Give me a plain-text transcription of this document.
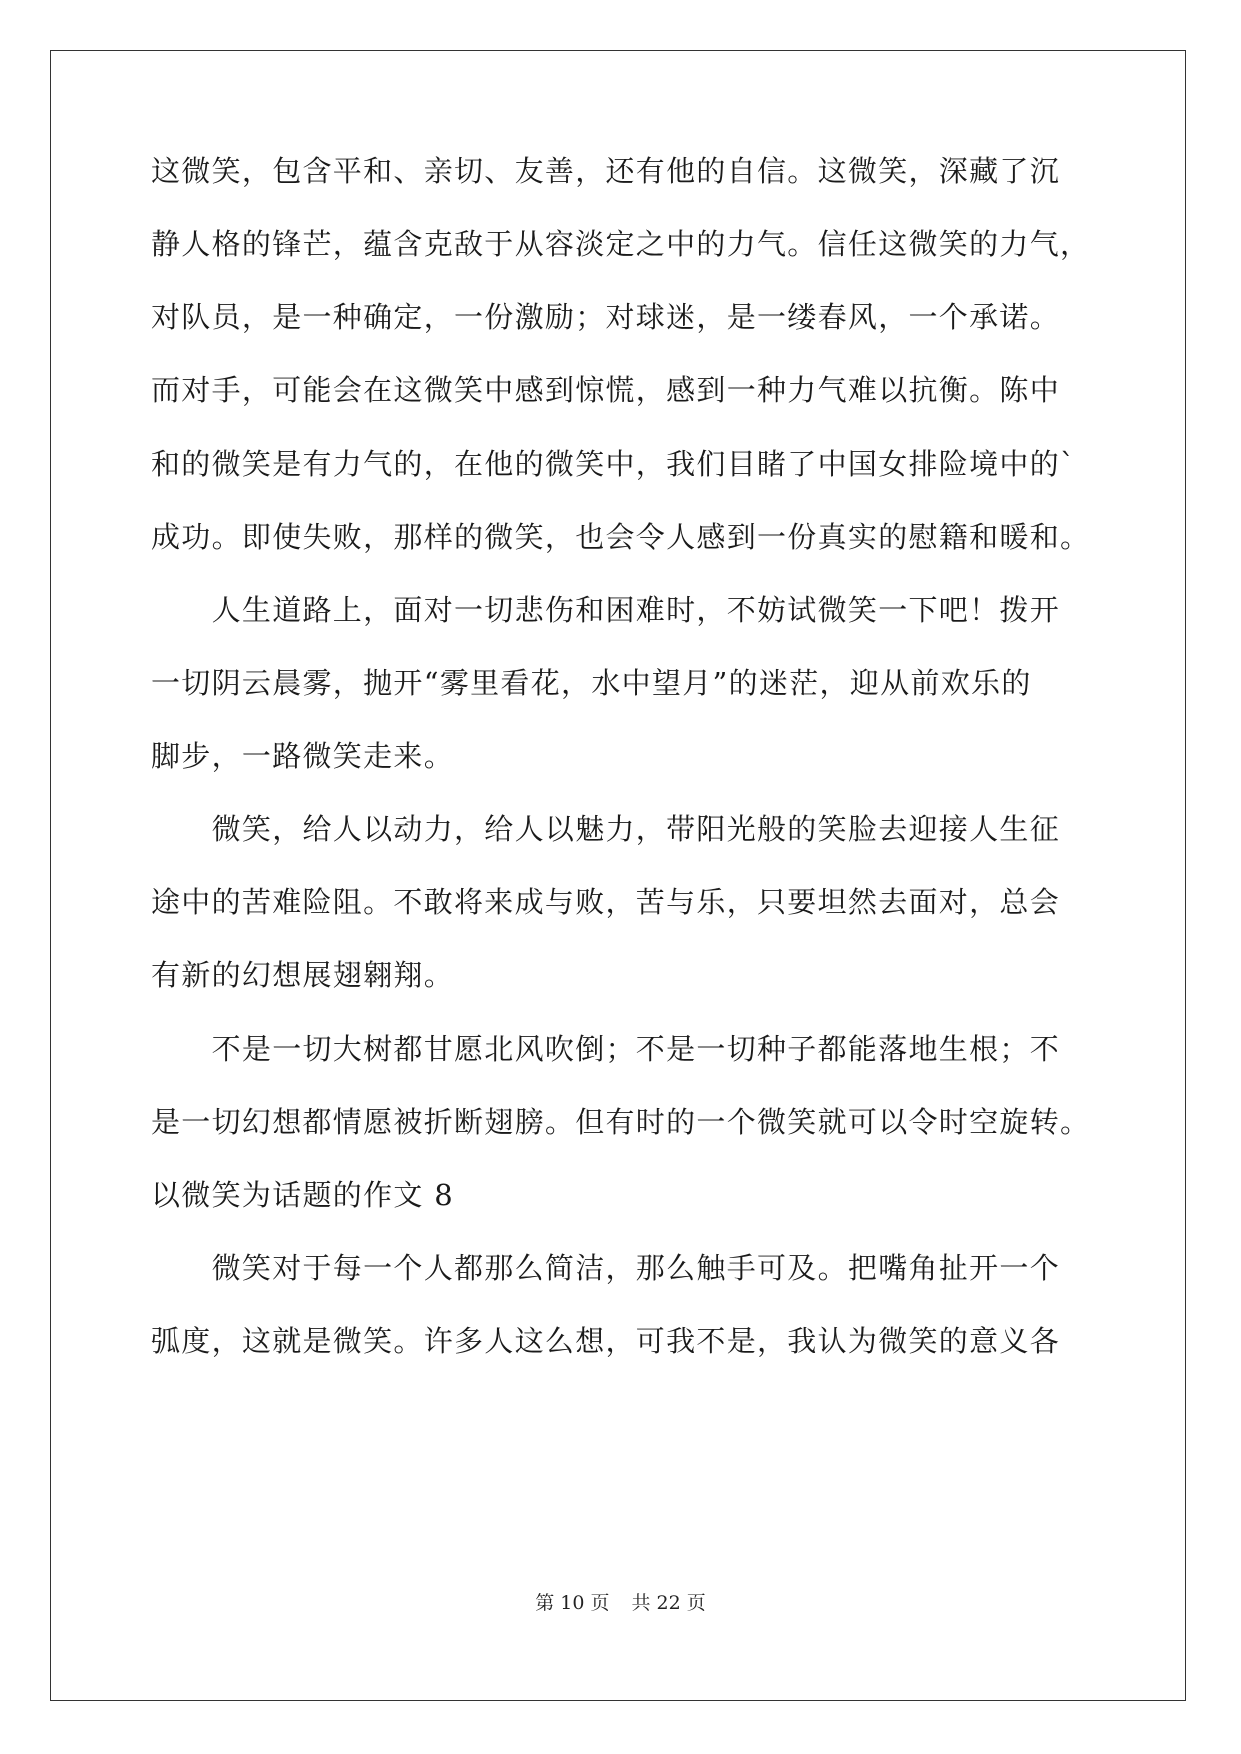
这微笑，包含平和、亲切、友善，还有他的自信。这微笑，深藏了沉
静人格的锋芒，蕴含克敌于从容淡定之中的力气。信任这微笑的力气，
对队员，是一种确定，一份激励；对球迷，是一缕春风，一个承诺。
而对手，可能会在这微笑中感到惊慌，感到一种力气难以抗衡。陈中
和的微笑是有力气的，在他的微笑中，我们目睹了中国女排险境中的`
成功。即使失败，那样的微笑，也会令人感到一份真实的慰籍和暖和。
　　人生道路上，面对一切悲伤和困难时，不妨试微笑一下吧！拨开
一切阴云晨雾，抛开“雾里看花，水中望月”的迷茫，迎从前欢乐的
脚步，一路微笑走来。
　　微笑，给人以动力，给人以魅力，带阳光般的笑脸去迎接人生征
途中的苦难险阻。不敢将来成与败，苦与乐，只要坦然去面对，总会
有新的幻想展翅翱翔。
　　不是一切大树都甘愿北风吹倒；不是一切种子都能落地生根；不
是一切幻想都情愿被折断翅膀。但有时的一个微笑就可以令时空旋转。
以微笑为话题的作文 8
　　微笑对于每一个人都那么简洁，那么触手可及。把嘴角扯开一个
弧度，这就是微笑。许多人这么想，可我不是，我认为微笑的意义各
第 10 页 共 22 页
